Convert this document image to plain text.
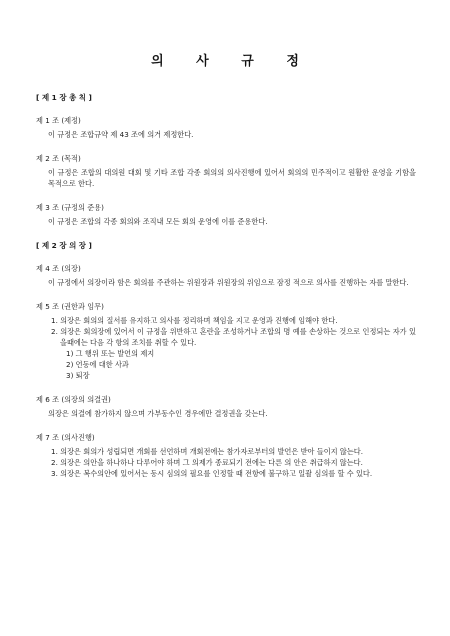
의 사 규 정
[ 제 1 장 총 칙 ]
제 1 조 (제정)
이 규정은 조합규약 제 43 조에 의거 제정한다.
제 2 조 (목적)
이 규정은 조합의 대의원 대회 및 기타 조합 각종 회의의 의사진행에 있어서 회의의 민주적이고 원활한 운영을 기함을 목적으로 한다.
제 3 조 (규정의 준용)
이 규정은 조합의 각종 회의와 조직내 모든 회의 운영에 이를 준용한다.
[ 제 2 장 의 장 ]
제 4 조 (의장)
이 규정에서 의장이라 함은 회의를 주관하는 위원장과 위원장의 위임으로 잠정 적으로 의사를 진행하는 자를 말한다.
제 5 조 (권한과 임무)
1. 의장은 회의의 질서를 유지하고 의사를 정리하며 책임을 지고 운영과 진행에 임해야 한다.
2. 의장은 회의장에 있어서 이 규정을 위반하고 혼란을 조성하거나 조합의 명 예를 손상하는 것으로 인정되는 자가 있을때에는 다음 각 항의 조치를 취할 수 있다.
1) 그 행위 또는 발언의 제지
2) 언동에 대한 사과
3) 퇴장
제 6 조 (의장의 의결권)
의장은 의결에 참가하지 않으며 가부동수인 경우에만 결정권을 갖는다.
제 7 조 (의사진행)
1. 의장은 회의가 성립되면 개회를 선언하며 개회전에는 참가자로부터의 발언은 받아 들이지 않는다.
2. 의장은 의안을 하나하나 다루어야 하며 그 의제가 종료되기 전에는 다른 의 안은 취급하지 않는다.
3. 의장은 복수의안에 있어서는 동시 심의의 필요를 인정할 때 전항에 불구하고 일괄 심의를 할 수 있다.
